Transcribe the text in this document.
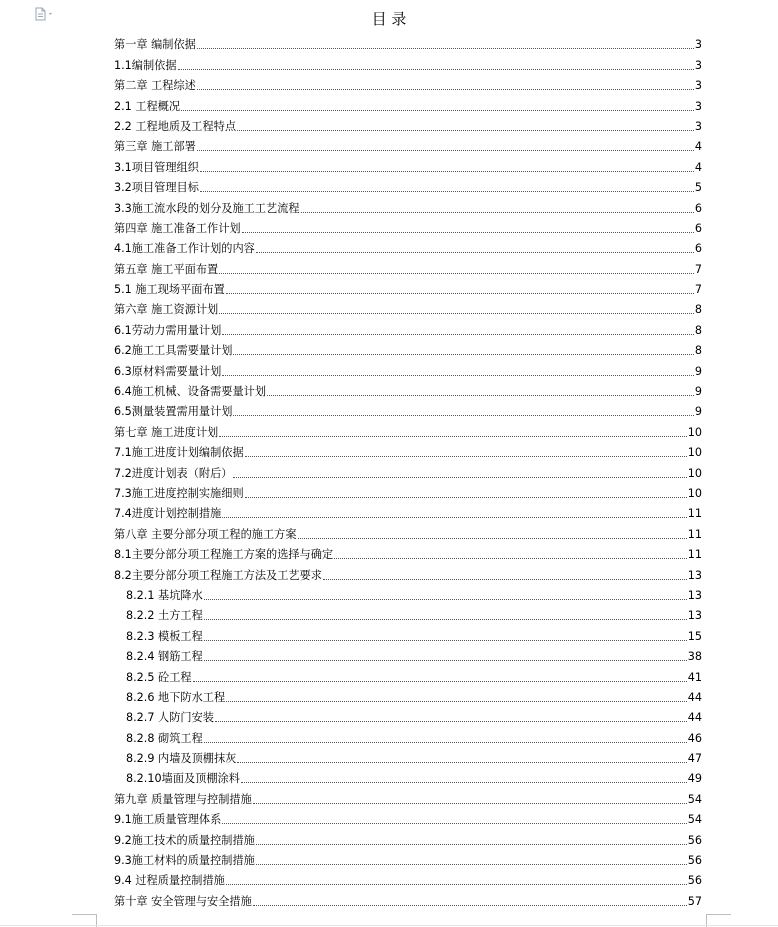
目 录
第一章 编制依据	3
1.1编制依据	3
第二章 工程综述	3
2.1 工程概况	3
2.2 工程地质及工程特点	3
第三章 施工部署	4
3.1项目管理组织	4
3.2项目管理目标	5
3.3施工流水段的划分及施工工艺流程	6
第四章 施工准备工作计划	6
4.1施工准备工作计划的内容	6
第五章 施工平面布置	7
5.1 施工现场平面布置	7
第六章 施工资源计划	8
6.1劳动力需用量计划	8
6.2施工工具需要量计划	8
6.3原材料需要量计划	9
6.4施工机械、设备需要量计划	9
6.5测量装置需用量计划	9
第七章 施工进度计划	10
7.1施工进度计划编制依据	10
7.2进度计划表（附后）	10
7.3施工进度控制实施细则	10
7.4进度计划控制措施	11
第八章 主要分部分项工程的施工方案	11
8.1主要分部分项工程施工方案的选择与确定	11
8.2主要分部分项工程施工方法及工艺要求	13
8.2.1 基坑降水	13
8.2.2 土方工程	13
8.2.3 模板工程	15
8.2.4 钢筋工程	38
8.2.5 砼工程	41
8.2.6 地下防水工程	44
8.2.7 人防门安装	44
8.2.8 砌筑工程	46
8.2.9 内墙及顶棚抹灰	47
8.2.10墙面及顶棚涂料	49
第九章 质量管理与控制措施	54
9.1施工质量管理体系	54
9.2施工技术的质量控制措施	56
9.3施工材料的质量控制措施	56
9.4 过程质量控制措施	56
第十章 安全管理与安全措施	57
